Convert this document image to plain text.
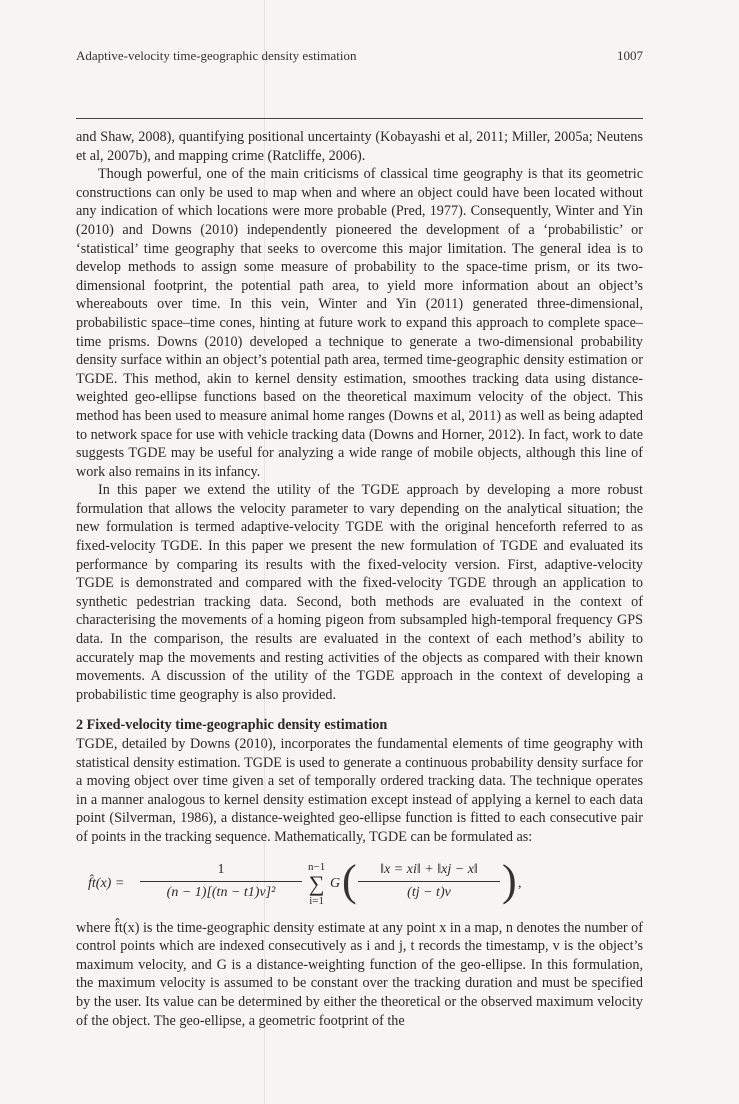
Adaptive-velocity time-geographic density estimation	1007

and Shaw, 2008), quantifying positional uncertainty (Kobayashi et al, 2011; Miller, 2005a; Neutens et al, 2007b), and mapping crime (Ratcliffe, 2006).

Though powerful, one of the main criticisms of classical time geography is that its geometric constructions can only be used to map when and where an object could have been located without any indication of which locations were more probable (Pred, 1977). Consequently, Winter and Yin (2010) and Downs (2010) independently pioneered the development of a ‘probabilistic’ or ‘statistical’ time geography that seeks to overcome this major limitation. The general idea is to develop methods to assign some measure of probability to the space-time prism, or its two-dimensional footprint, the potential path area, to yield more information about an object’s whereabouts over time. In this vein, Winter and Yin (2011) generated three-dimensional, probabilistic space–time cones, hinting at future work to expand this approach to complete space–time prisms. Downs (2010) developed a technique to generate a two-dimensional probability density surface within an object’s potential path area, termed time-geographic density estimation or TGDE. This method, akin to kernel density estimation, smoothes tracking data using distance-weighted geo-ellipse functions based on the theoretical maximum velocity of the object. This method has been used to measure animal home ranges (Downs et al, 2011) as well as being adapted to network space for use with vehicle tracking data (Downs and Horner, 2012). In fact, work to date suggests TGDE may be useful for analyzing a wide range of mobile objects, although this line of work also remains in its infancy.

In this paper we extend the utility of the TGDE approach by developing a more robust formulation that allows the velocity parameter to vary depending on the analytical situation; the new formulation is termed adaptive-velocity TGDE with the original henceforth referred to as fixed-velocity TGDE. In this paper we present the new formulation of TGDE and evaluated its performance by comparing its results with the fixed-velocity version. First, adaptive-velocity TGDE is demonstrated and compared with the fixed-velocity TGDE through an application to synthetic pedestrian tracking data. Second, both methods are evaluated in the context of characterising the movements of a homing pigeon from subsampled high-temporal frequency GPS data. In the comparison, the results are evaluated in the context of each method’s ability to accurately map the movements and resting activities of the objects as compared with their known movements. A discussion of the utility of the TGDE approach in the context of developing a probabilistic time geography is also provided.

2 Fixed-velocity time-geographic density estimation

TGDE, detailed by Downs (2010), incorporates the fundamental elements of time geography with statistical density estimation. TGDE is used to generate a continuous probability density surface for a moving object over time given a set of temporally ordered tracking data. The technique operates in a manner analogous to kernel density estimation except instead of applying a kernel to each data point (Silverman, 1986), a distance-weighted geo-ellipse function is fitted to each consecutive pair of points in the tracking sequence. Mathematically, TGDE can be formulated as:

f̂t(x) = $\frac{1}{\text{(n − 1)[(tn − t1)v]²}} n-1$
∑
i=1
G ( $\frac{‖x = xi‖ + ‖xj - x‖}{(tj - t)v}$ ) ,

where f̂t(x) is the time-geographic density estimate at any point x in a map, n denotes the number of control points which are indexed consecutively as i and j, t records the timestamp, v is the object’s maximum velocity, and G is a distance-weighting function of the geo-ellipse. In this formulation, the maximum velocity is assumed to be constant over the tracking duration and must be specified by the user. Its value can be determined by either the theoretical or the observed maximum velocity of the object. The geo-ellipse, a geometric footprint of the
